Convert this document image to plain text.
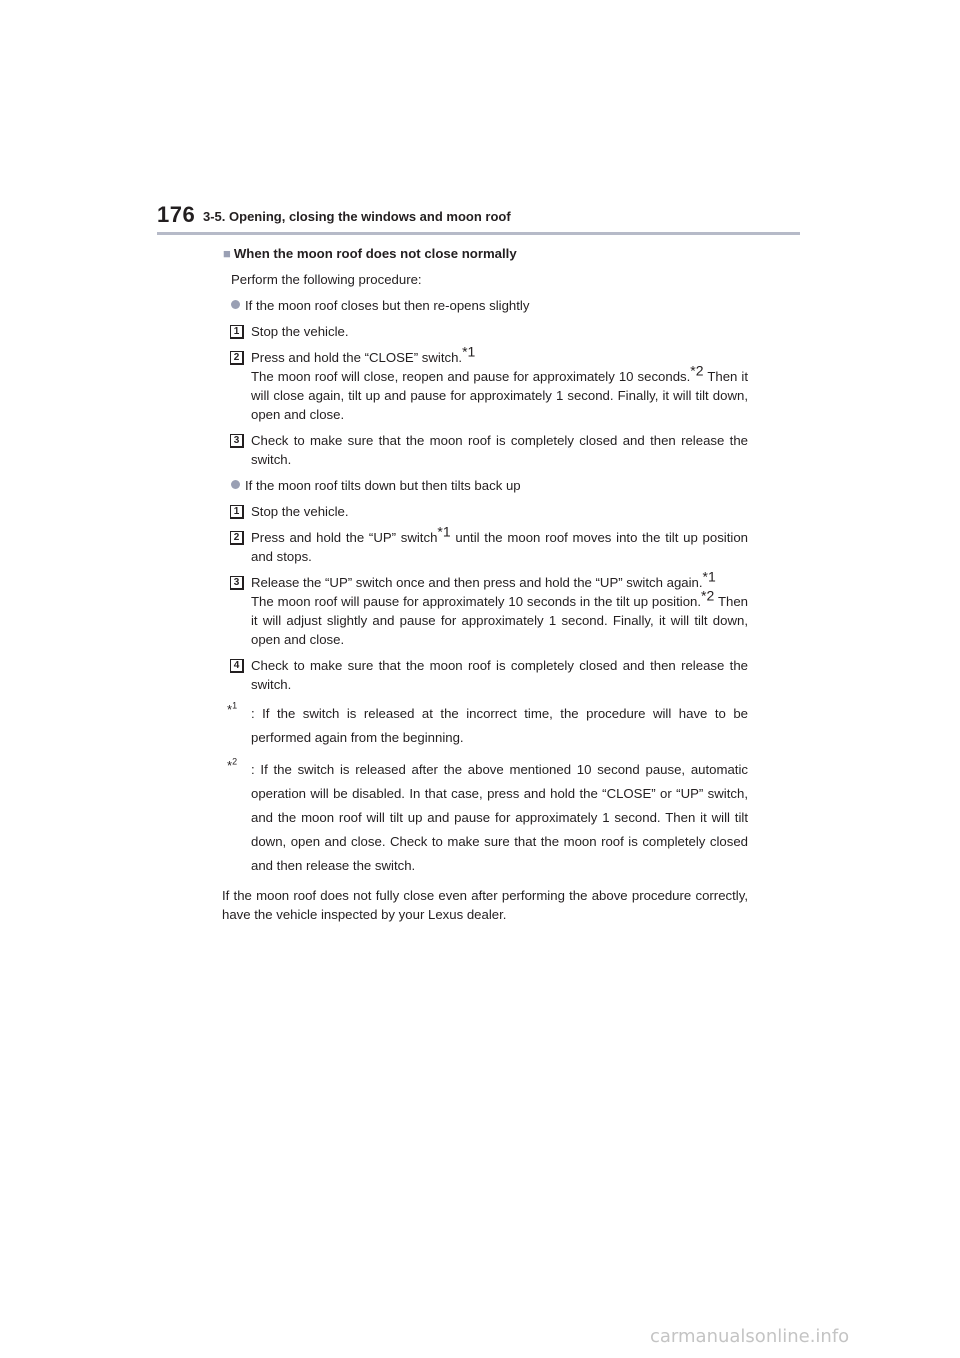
176 3-5. Opening, closing the windows and moon roof
■ When the moon roof does not close normally
Perform the following procedure:
If the moon roof closes but then re-opens slightly
1 Stop the vehicle.

2 Press and hold the “CLOSE” switch.$^{*1}$
The moon roof will close, reopen and pause for approximately 10 seconds.$^{*2}$ Then it will close again, tilt up and pause for approximately 1 second. Finally, it will tilt down, open and close.

3 Check to make sure that the moon roof is completely closed and then release the switch.

If the moon roof tilts down but then tilts back up
1 Stop the vehicle.

2 Press and hold the “UP” switch$^{*1}$ until the moon roof moves into the tilt up position and stops.

3 Release the “UP” switch once and then press and hold the “UP” switch again.$^{*1}$
The moon roof will pause for approximately 10 seconds in the tilt up position.$^{*2}$ Then it will adjust slightly and pause for approximately 1 second. Finally, it will tilt down, open and close.

4 Check to make sure that the moon roof is completely closed and then release the switch.

*$^1$
: If the switch is released at the incorrect time, the procedure will have to be performed again from the beginning.
*$^2$
: If the switch is released after the above mentioned 10 second pause, automatic operation will be disabled. In that case, press and hold the “CLOSE” or “UP” switch, and the moon roof will tilt up and pause for approximately 1 second. Then it will tilt down, open and close. Check to make sure that the moon roof is completely closed and then release the switch.
If the moon roof does not fully close even after performing the above procedure correctly, have the vehicle inspected by your Lexus dealer.
carmanualsonline.info
